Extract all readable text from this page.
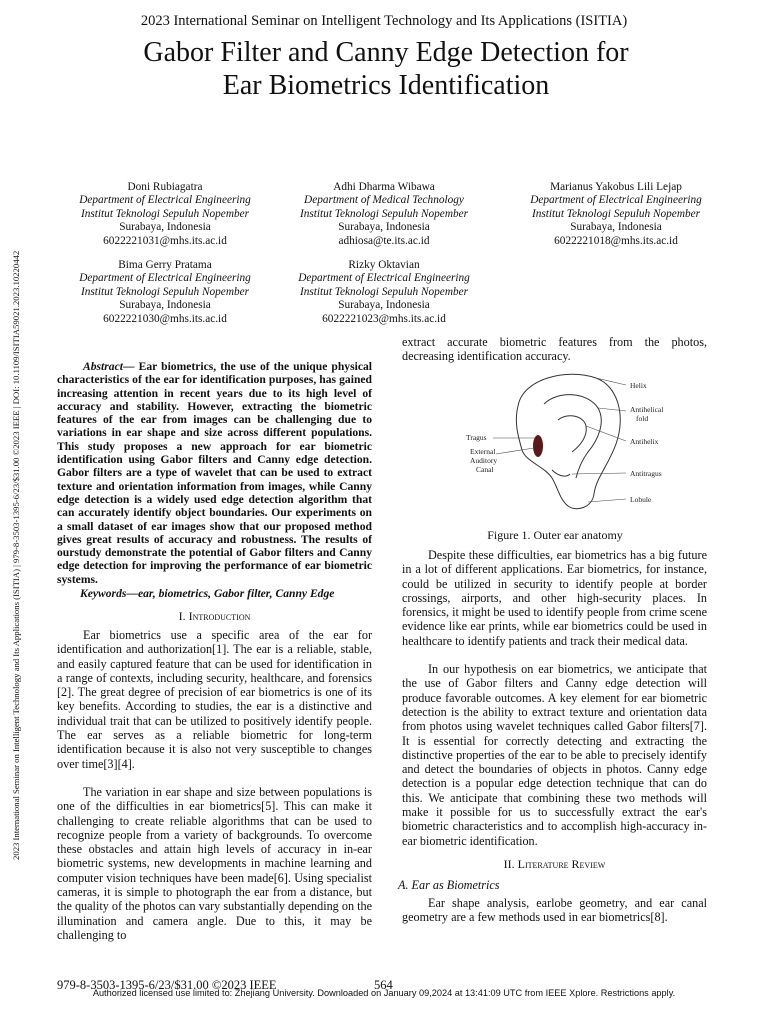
2023 International Seminar on Intelligent Technology and Its Applications (ISITIA)
Gabor Filter and Canny Edge Detection for
Ear Biometrics Identification
2023 International Seminar on Intelligent Technology and Its Applications (ISITIA) | 979-8-3503-1395-6/23/$31.00 ©2023 IEEE | DOI: 10.1109/ISITIA59021.2023.10220442
Doni Rubiagatra
Department of Electrical Engineering
Institut Teknologi Sepuluh Nopember
Surabaya, Indonesia
6022221031@mhs.its.ac.id
Adhi Dharma Wibawa
Department of Medical Technology
Institut Teknologi Sepuluh Nopember
Surabaya, Indonesia
adhiosa@te.its.ac.id
Marianus Yakobus Lili Lejap
Department of Electrical Engineering
Institut Teknologi Sepuluh Nopember
Surabaya, Indonesia
6022221018@mhs.its.ac.id
Bima Gerry Pratama
Department of Electrical Engineering
Institut Teknologi Sepuluh Nopember
Surabaya, Indonesia
6022221030@mhs.its.ac.id
Rizky Oktavian
Department of Electrical Engineering
Institut Teknologi Sepuluh Nopember
Surabaya, Indonesia
6022221023@mhs.its.ac.id

Abstract— Ear biometrics, the use of the unique physical characteristics of the ear for identification purposes, has gained increasing attention in recent years due to its high level of accuracy and stability. However, extracting the biometric features of the ear from images can be challenging due to variations in ear shape and size across different populations. This study proposes a new approach for ear biometric identification using Gabor filters and Canny edge detection. Gabor filters are a type of wavelet that can be used to extract texture and orientation information from images, while Canny edge detection is a widely used edge detection algorithm that can accurately identify object boundaries. Our experiments on a small dataset of ear images show that our proposed method gives great results of accuracy and robustness. The results of ourstudy demonstrate the potential of Gabor filters and Canny edge detection for improving the performance of ear biometric systems.

Keywords—ear, biometrics, Gabor filter, Canny Edge
I. Introduction

Ear biometrics use a specific area of the ear for identification and authorization[1]. The ear is a reliable, stable, and easily captured feature that can be used for identification in a range of contexts, including security, healthcare, and forensics [2]. The great degree of precision of ear biometrics is one of its key benefits. According to studies, the ear is a distinctive and individual trait that can be utilized to positively identify people. The ear serves as a reliable biometric for long-term identification because it is also not very susceptible to changes over time[3][4].

The variation in ear shape and size between populations is one of the difficulties in ear biometrics[5]. This can make it challenging to create reliable algorithms that can be used to recognize people from a variety of backgrounds. To overcome these obstacles and attain high levels of accuracy in in-ear biometric systems, new developments in machine learning and computer vision techniques have been made[6]. Using specialist cameras, it is simple to photograph the ear from a distance, but the quality of the photos can vary substantially depending on the illumination and camera angle. Due to this, it may be challenging to

extract accurate biometric features from the photos, decreasing identification accuracy.

Helix
Antihelical
fold
Antihelix
Tragus
External
Auditory
Canal	Antitragus
Lobule
Figure 1. Outer ear anatomy

Despite these difficulties, ear biometrics has a big future in a lot of different applications. Ear biometrics, for instance, could be utilized in security to identify people at border crossings, airports, and other high-security places. In forensics, it might be used to identify people from crime scene evidence like ear prints, while ear biometrics could be used in healthcare to identify patients and track their medical data.

In our hypothesis on ear biometrics, we anticipate that the use of Gabor filters and Canny edge detection will produce favorable outcomes. A key element for ear biometric detection is the ability to extract texture and orientation data from photos using wavelet techniques called Gabor filters[7]. It is essential for correctly detecting and extracting the distinctive properties of the ear to be able to precisely identify and detect the boundaries of objects in photos. Canny edge detection is a popular edge detection technique that can do this. We anticipate that combining these two methods will make it possible for us to successfully extract the ear's biometric characteristics and to accomplish high-accuracy in-ear biometric identification.

II. Literature Review
A. Ear as Biometrics

Ear shape analysis, earlobe geometry, and ear canal geometry are a few methods used in ear biometrics[8].

979-8-3503-1395-6/23/$31.00 ©2023 IEEE	564
Authorized licensed use limited to: Zhejiang University. Downloaded on January 09,2024 at 13:41:09 UTC from IEEE Xplore. Restrictions apply.
